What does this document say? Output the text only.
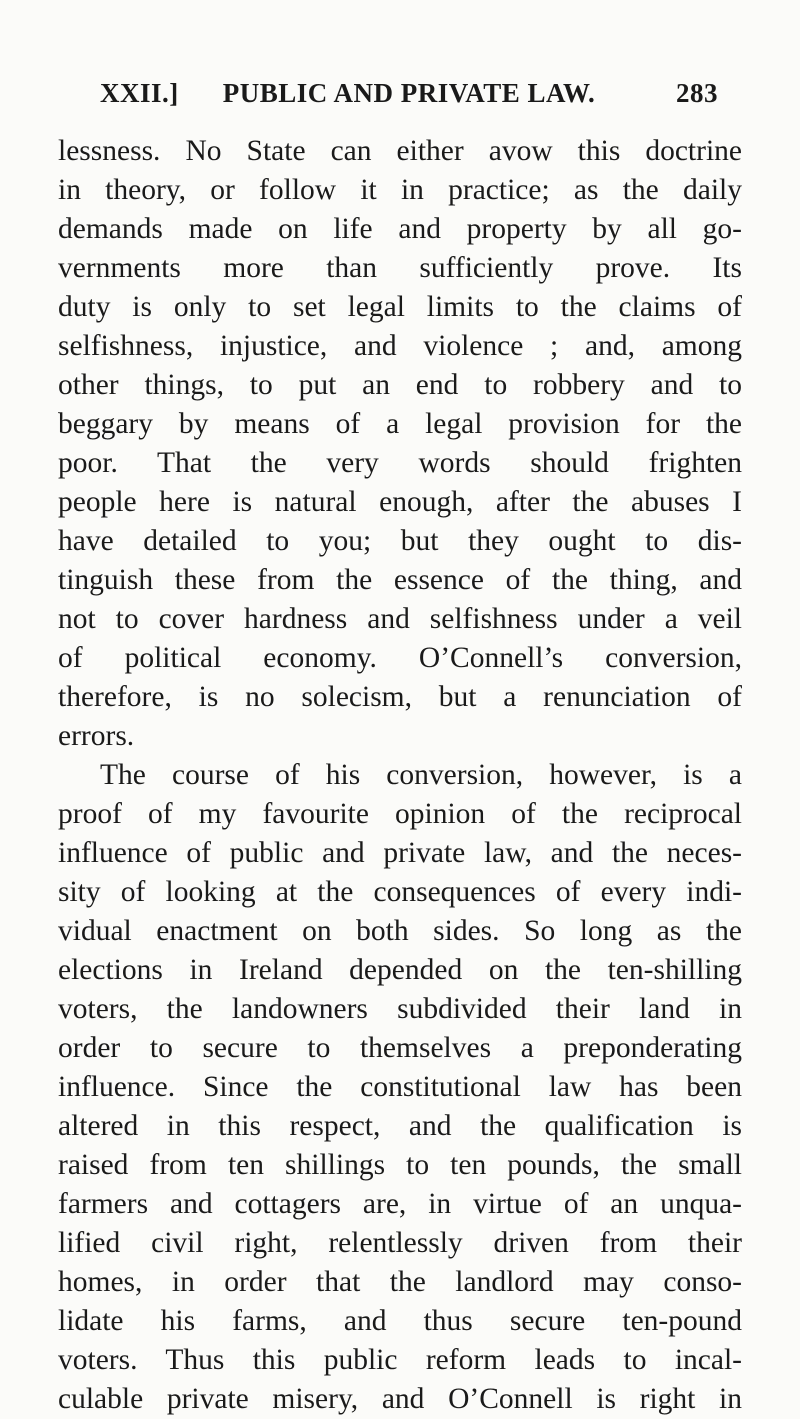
XXII.] PUBLIC AND PRIVATE LAW.	283
lessness. No State can either avow this doctrine
in theory, or follow it in practice; as the daily
demands made on life and property by all go-
vernments more than sufficiently prove. Its
duty is only to set legal limits to the claims of
selfishness, injustice, and violence ; and, among
other things, to put an end to robbery and to
beggary by means of a legal provision for the
poor. That the very words should frighten
people here is natural enough, after the abuses I
have detailed to you; but they ought to dis-
tinguish these from the essence of the thing, and
not to cover hardness and selfishness under a veil
of political economy. O’Connell’s conversion,
therefore, is no solecism, but a renunciation of
errors.
The course of his conversion, however, is a
proof of my favourite opinion of the reciprocal
influence of public and private law, and the neces-
sity of looking at the consequences of every indi-
vidual enactment on both sides. So long as the
elections in Ireland depended on the ten-shilling
voters, the landowners subdivided their land in
order to secure to themselves a preponderating
influence. Since the constitutional law has been
altered in this respect, and the qualification is
raised from ten shillings to ten pounds, the small
farmers and cottagers are, in virtue of an unqua-
lified civil right, relentlessly driven from their
homes, in order that the landlord may conso-
lidate his farms, and thus secure ten-pound
voters. Thus this public reform leads to incal-
culable private misery, and O’Connell is right in
